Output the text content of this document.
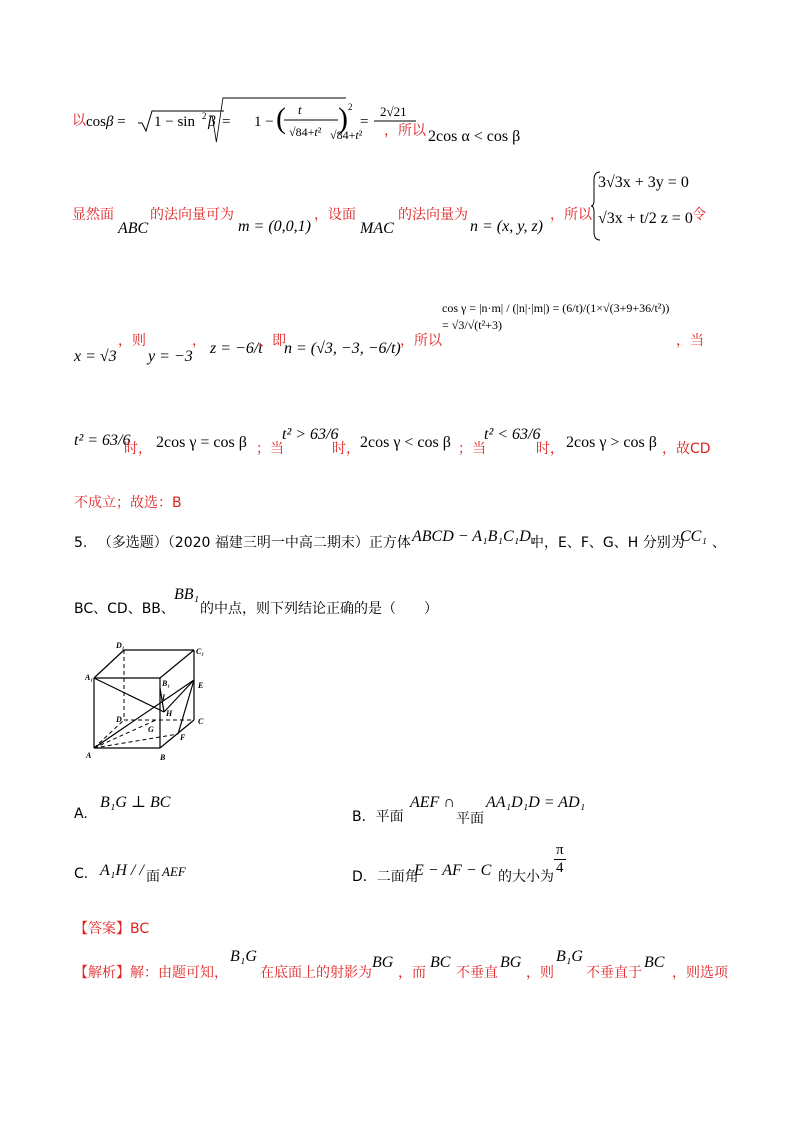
以 cosβ = 1 − sin 2 β = 1 − ( t
√84+t² ) 2
=
2√21
√84+t² ，所以 2cos α < cos β
显然面
ABC
的法向量可为
m = (0,0,1)
，设面
MAC
的法向量为
n = (x, y, z)
，所以
3√3x + 3y = 0
√3x + t/2 z = 0 令
x = √3
，则
y = −3
， z = −6/t
，即
n = (√3, −3, −6/t) ，所以
cos γ = |n·m| / (|n|·|m|) = (6/t)/(1×√(3+9+36/t²)) = √3/√(t²+3)
，当
t² = 63/6
时， 2cos γ = cos β ；当
t² > 63/6
时， 2cos γ < cos β ；当
t² < 63/6
时， 2cos γ > cos β ，故CD
不成立；故选：B
5. （多选题）（2020 福建三明一中高二期末）正方体 ABCD − A₁B₁C₁D₁
中，E、F、G、H 分别为
CC₁ 、
BC、CD、BB、
BB₁
的中点，则下列结论正确的是（　　）
D₁
C₁
A₁
B₁	E
I
H
D
G
C
F
A	B
A.
B₁G ⊥ BC
B．平面
AEF ∩
平面
AA₁D₁D = AD₁
C. A₁H / / 面 AEF	D．二面角
E − AF − C 的大小为 $\frac{\pi}{4}$
【答案】BC
【解析】解：由题可知，
B₁G
在底面上的射影为
BG
，而
BC
不垂直
BG
，则
B₁G
不垂直于
BC
，则选项
